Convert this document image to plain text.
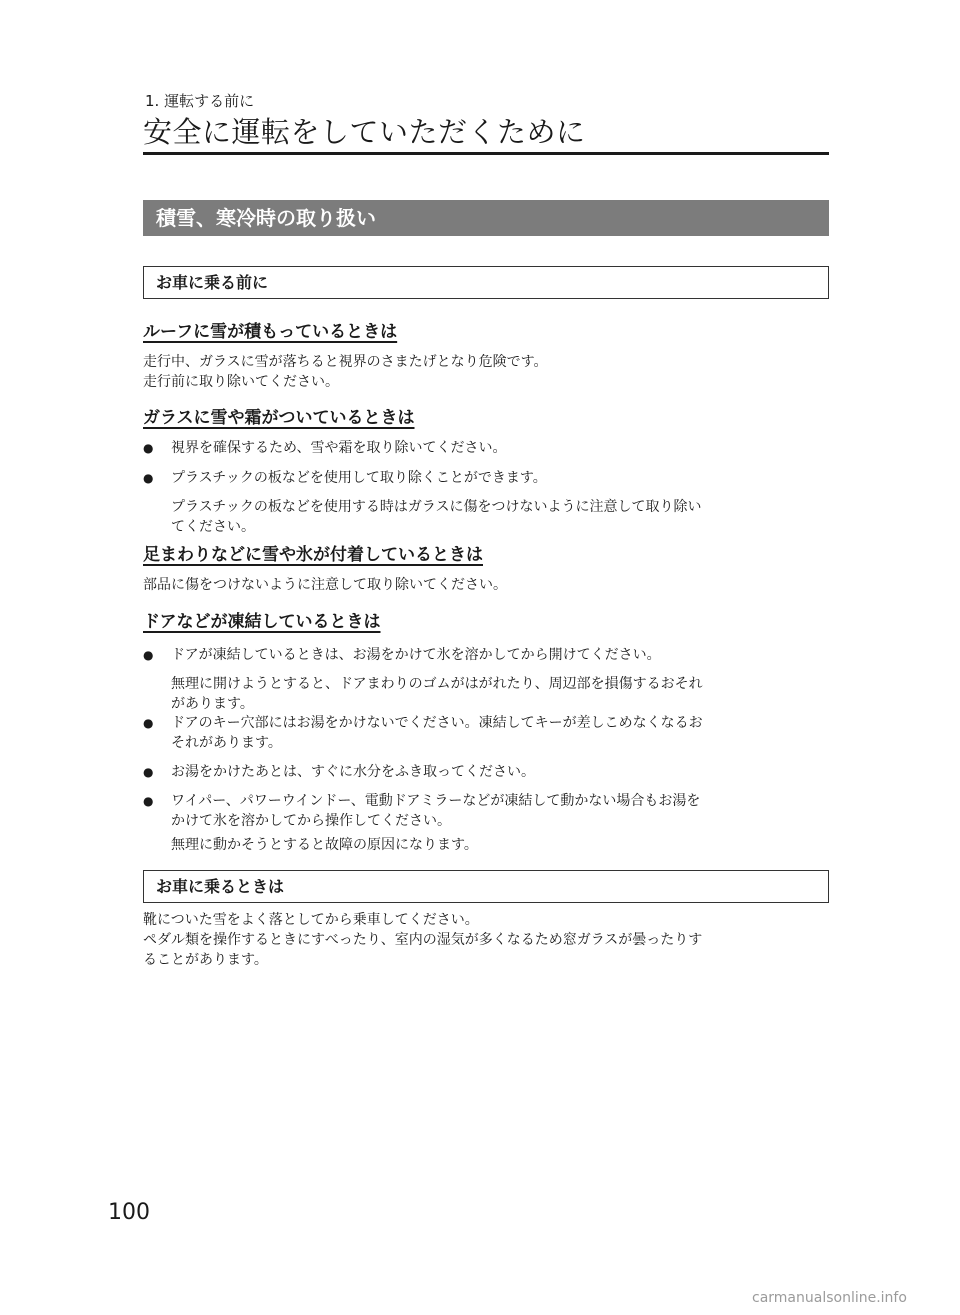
1. 運転する前に
安全に運転をしていただくために
積雪、寒冷時の取り扱い
お車に乗る前に
ルーフに雪が積もっているときは
走行中、ガラスに雪が落ちると視界のさまたげとなり危険です。
走行前に取り除いてください。
ガラスに雪や霜がついているときは
● 視界を確保するため、雪や霜を取り除いてください。
● プラスチックの板などを使用して取り除くことができます。
プラスチックの板などを使用する時はガラスに傷をつけないように注意して取り除い
てください。
足まわりなどに雪や氷が付着しているときは
部品に傷をつけないように注意して取り除いてください。
ドアなどが凍結しているときは
● ドアが凍結しているときは、お湯をかけて氷を溶かしてから開けてください。
無理に開けようとすると、ドアまわりのゴムがはがれたり、周辺部を損傷するおそれ
があります。
● ドアのキー穴部にはお湯をかけないでください。凍結してキーが差しこめなくなるお
それがあります。
● お湯をかけたあとは、すぐに水分をふき取ってください。
● ワイパー、パワーウインドー、電動ドアミラーなどが凍結して動かない場合もお湯を
かけて氷を溶かしてから操作してください。
無理に動かそうとすると故障の原因になります。
お車に乗るときは
靴についた雪をよく落としてから乗車してください。
ペダル類を操作するときにすべったり、室内の湿気が多くなるため窓ガラスが曇ったりす
ることがあります。
100
carmanualsonline.info
